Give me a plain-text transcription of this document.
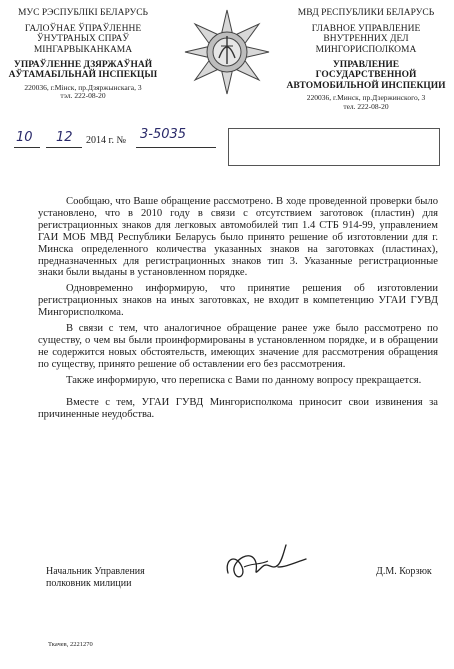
МУС РЭСПУБЛІКІ БЕЛАРУСЬ
ГАЛОЎНАЕ ЎПРАЎЛЕННЕ
ЎНУТРАНЫХ СПРАЎ
МІНГАРВЫКАНКАМА
УПРАЎЛЕННЕ ДЗЯРЖАЎНАЙ
АЎТАМАБІЛЬНАЙ ІНСПЕКЦЫІ
220036, г.Мінск, пр.Дзяржынскага, 3
тэл. 222-08-20
МВД РЕСПУБЛИКИ БЕЛАРУСЬ
ГЛАВНОЕ УПРАВЛЕНИЕ
ВНУТРЕННИХ ДЕЛ
МИНГОРИСПОЛКОМА
УПРАВЛЕНИЕ ГОСУДАРСТВЕННОЙ
АВТОМОБИЛЬНОЙ ИНСПЕКЦИИ
220036, г.Минск, пр.Дзержинского, 3
тел. 222-08-20
10 12 2014 г. № 3-5035

Сообщаю, что Ваше обращение рассмотрено. В ходе проведенной проверки было установлено, что в 2010 году в связи с отсутствием заготовок (пластин) для регистрационных знаков для легковых автомобилей тип 1.4 СТБ 914-99, управлением ГАИ МОБ МВД Республики Беларусь было принято решение об изготовлении для г. Минска определенного количества указанных знаков на заготовках (пластинах), предназначенных для регистрационных знаков тип 3. Указанные регистрационные знаки были выданы в установленном порядке.

Одновременно информирую, что принятие решения об изготовлении регистрационных знаков на иных заготовках, не входит в компетенцию УГАИ ГУВД Мингорисполкома.

В связи с тем, что аналогичное обращение ранее уже было рассмотрено по существу, о чем вы были проинформированы в установленном порядке, и в обращении не содержится новых обстоятельств, имеющих значение для рассмотрения обращения по существу, принято решение об оставлении его без рассмотрения.

Также информирую, что переписка с Вами по данному вопросу прекращается.

Вместе с тем, УГАИ ГУВД Мингорисполкома приносит свои извинения за причиненные неудобства.

Начальник Управления
полковник милиции
Д.М. Корзюк
Ткачев, 2221270
